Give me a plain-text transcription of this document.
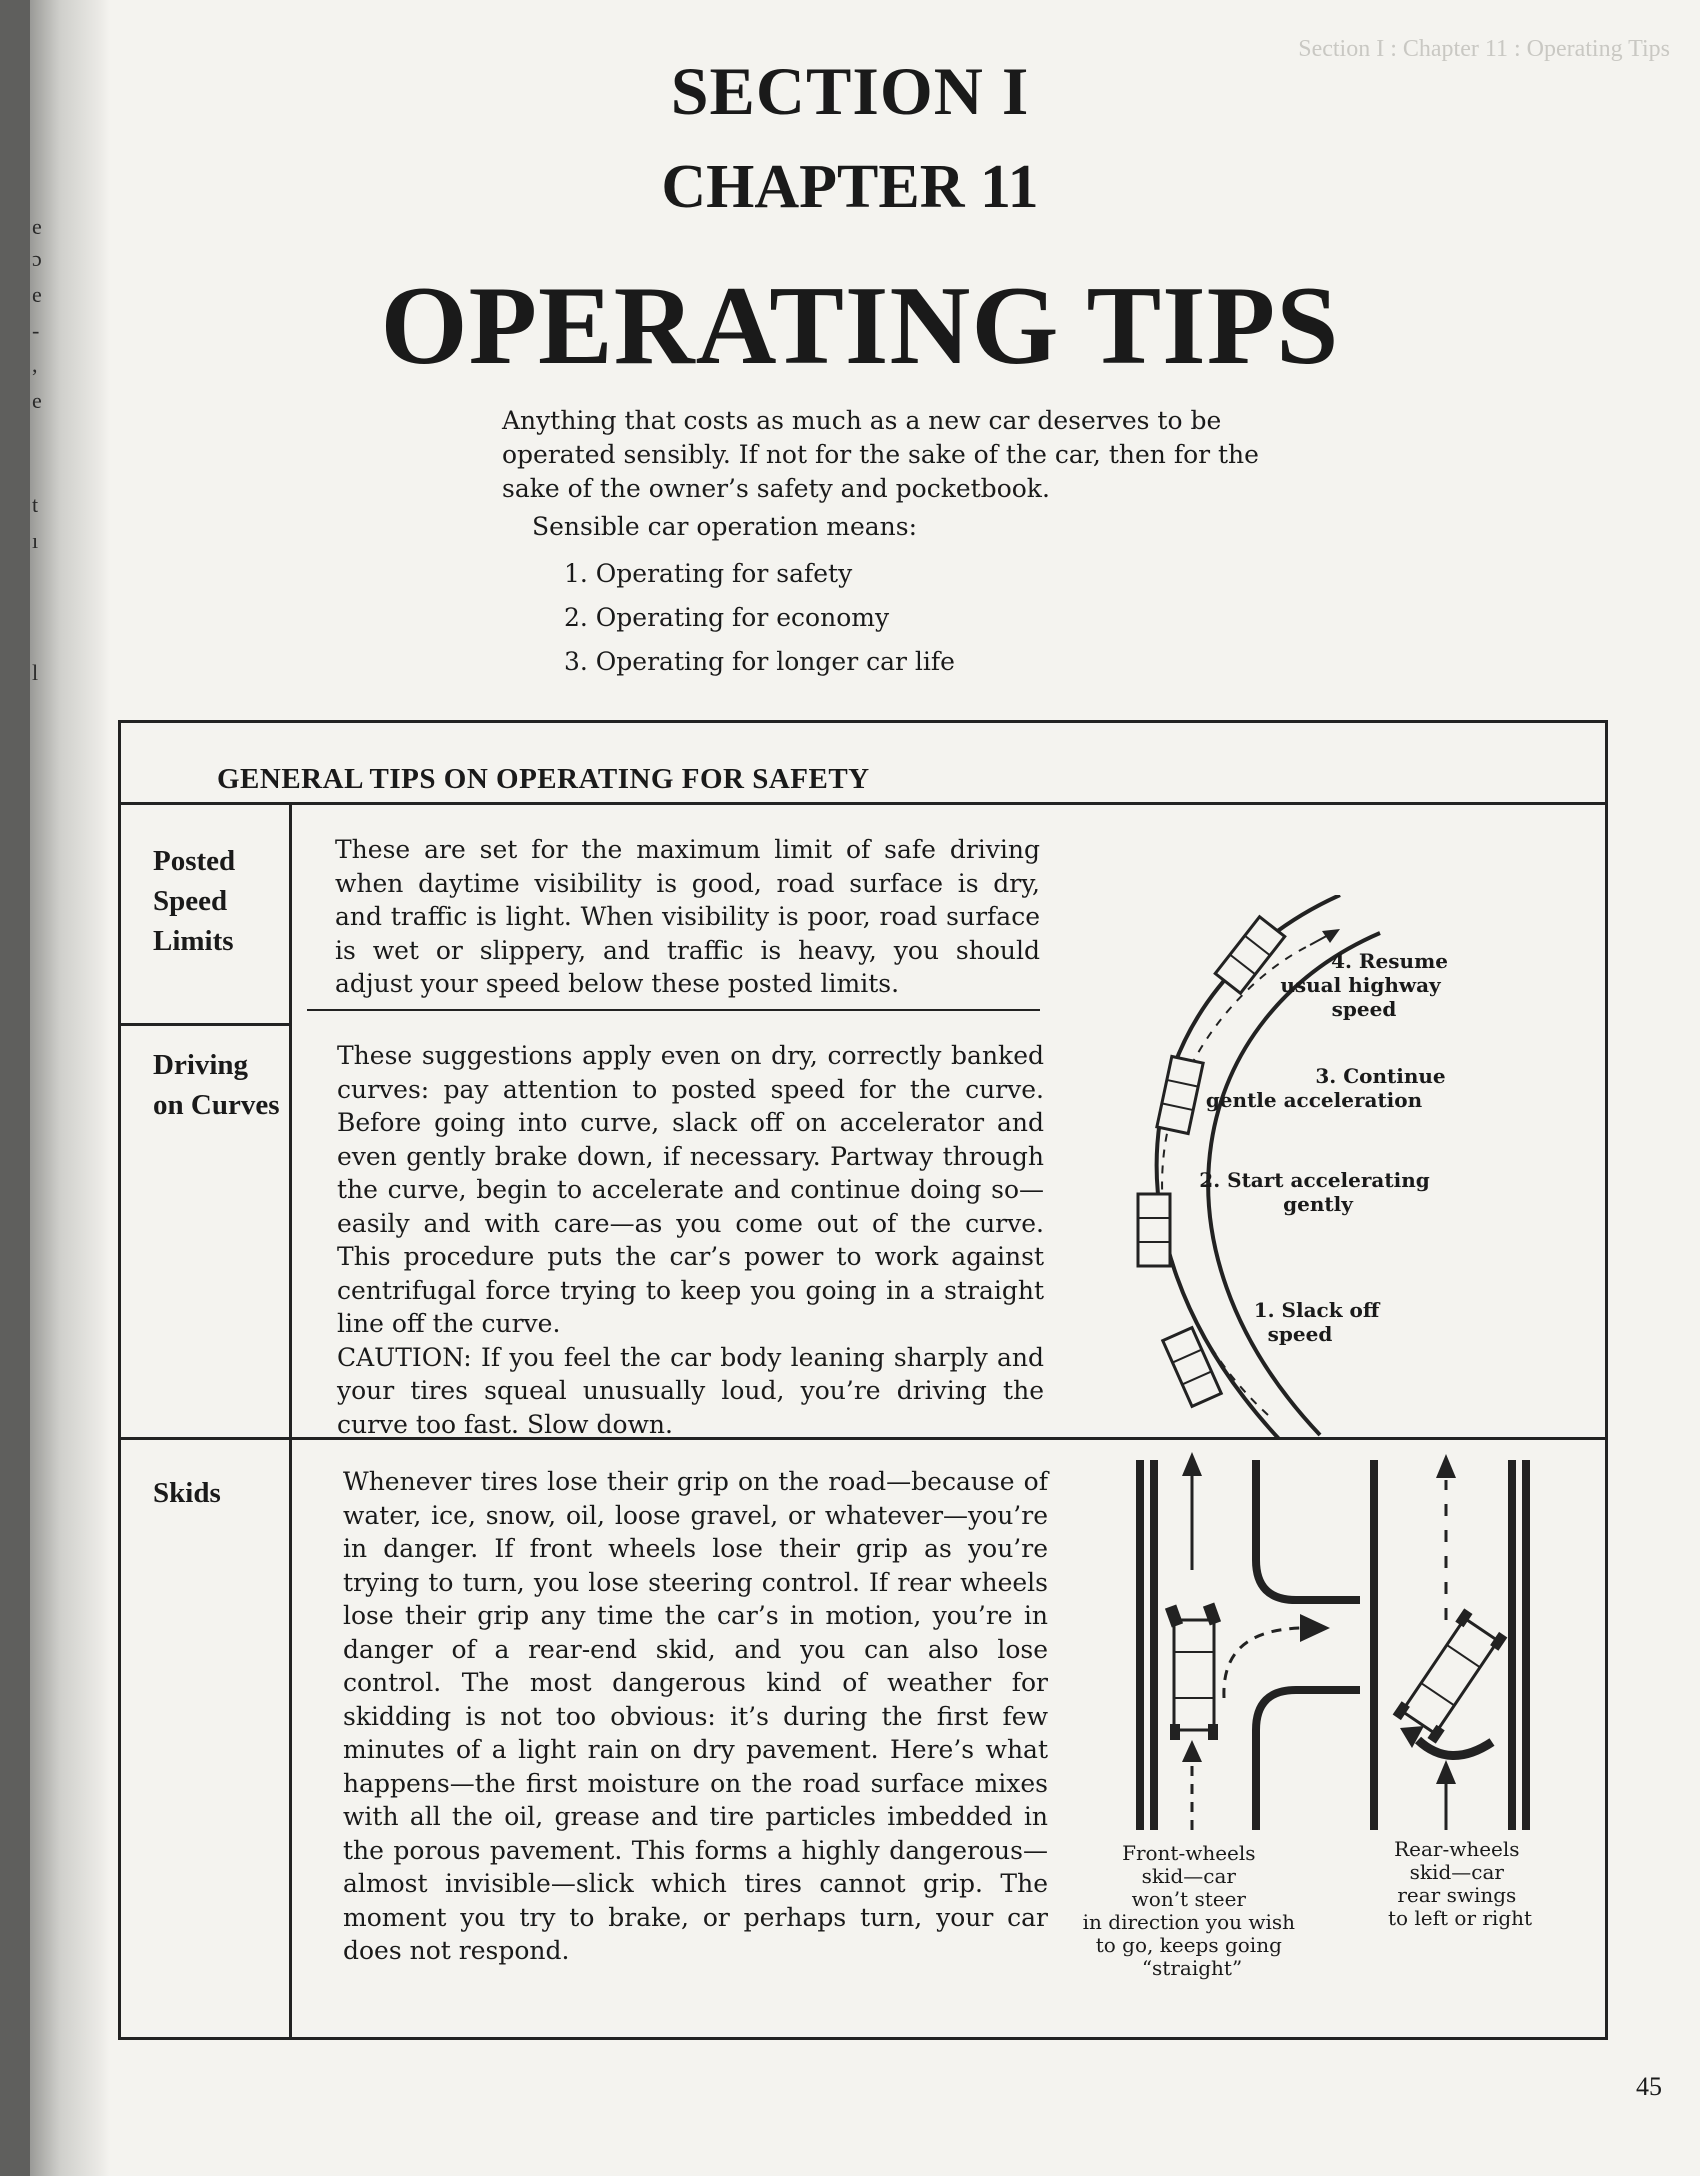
e
ɔ
e
-
,
e
t
ı
l
Section I : Chapter 11 : Operating Tips
SECTION I
CHAPTER 11
OPERATING TIPS

Anything that costs as much as a new car deserves to be operated sensibly. If not for the sake of the car, then for the sake of the owner’s safety and pocketbook.

Sensible car operation means:

1. Operating for safety
2. Operating for economy
3. Operating for longer car life
GENERAL TIPS ON OPERATING FOR SAFETY
Posted Speed Limits
These are set for the maximum limit of safe driving when daytime visibility is good, road surface is dry, and traffic is light. When visibility is poor, road surface is wet or slippery, and traffic is heavy, you should adjust your speed below these posted limits.
Driving on Curves
These suggestions apply even on dry, correctly banked curves: pay attention to posted speed for the curve. Before going into curve, slack off on accelerator and even gently brake down, if necessary. Partway through the curve, begin to accelerate and continue doing so—easily and with care—as you come out of the curve. This procedure puts the car’s power to work against centrifugal force trying to keep you going in a straight line off the curve.
CAUTION: If you feel the car body leaning sharply and your tires squeal unusually loud, you’re driving the curve too fast. Slow down.
Skids	Whenever tires lose their grip on the road—because of water, ice, snow, oil, loose gravel, or whatever—you’re in danger. If front wheels lose their grip as you’re trying to turn, you lose steering control. If rear wheels lose their grip any time the car’s in motion, you’re in danger of a rear-end skid, and you can also lose control. The most dangerous kind of weather for skidding is not too obvious: it’s during the first few minutes of a light rain on dry pavement. Here’s what happens—the first moisture on the road surface mixes with all the oil, grease and tire particles imbedded in the porous pavement. This forms a highly dangerous—almost invisible—slick which tires cannot grip. The moment you try to brake, or perhaps turn, your car does not respond.
4. Resume usual highway speed
3. Continue gentle acceleration
2. Start accelerating gently
1. Slack off speed
Front-wheels skid—car won’t steer in direction you wish to go, keeps going “straight”
Rear-wheels skid—car rear swings to left or right
45
